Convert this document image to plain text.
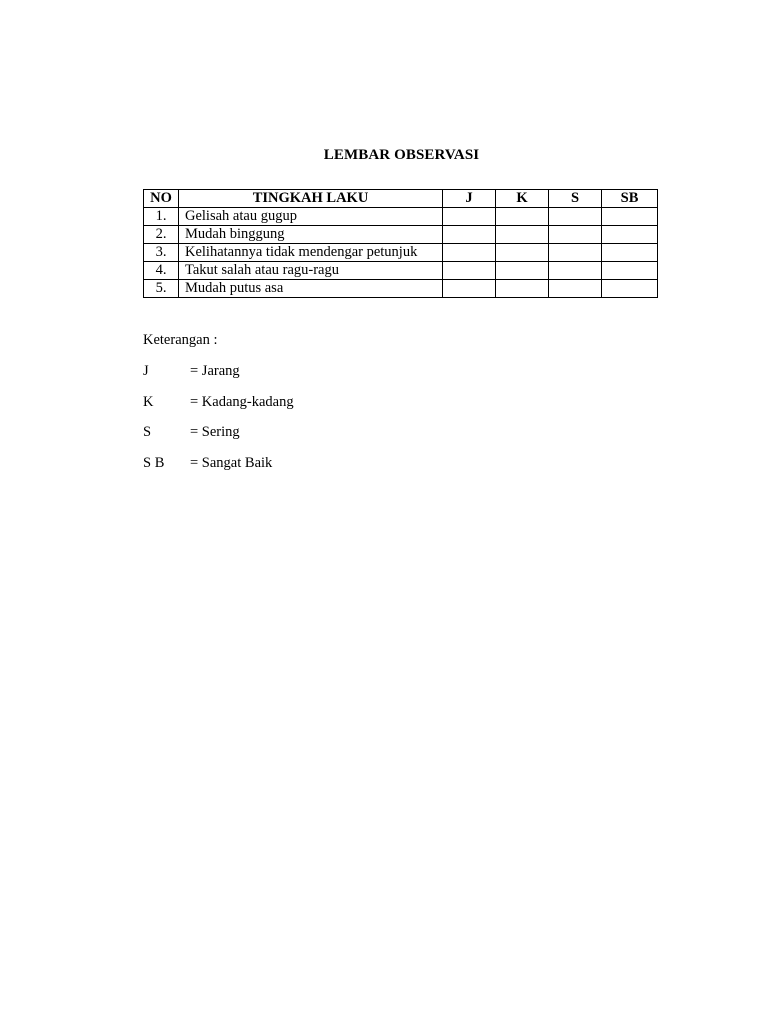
LEMBAR OBSERVASI
NO	TINGKAH LAKU	J	K	S	SB
1.	Gelisah atau gugup				
2.	Mudah binggung				
3.	Kelihatannya tidak mendengar petunjuk				
4.	Takut salah atau ragu-ragu				
5.	Mudah putus asa				
Keterangan :
J	= Jarang
K	= Kadang-kadang
S	= Sering
S B	= Sangat Baik
